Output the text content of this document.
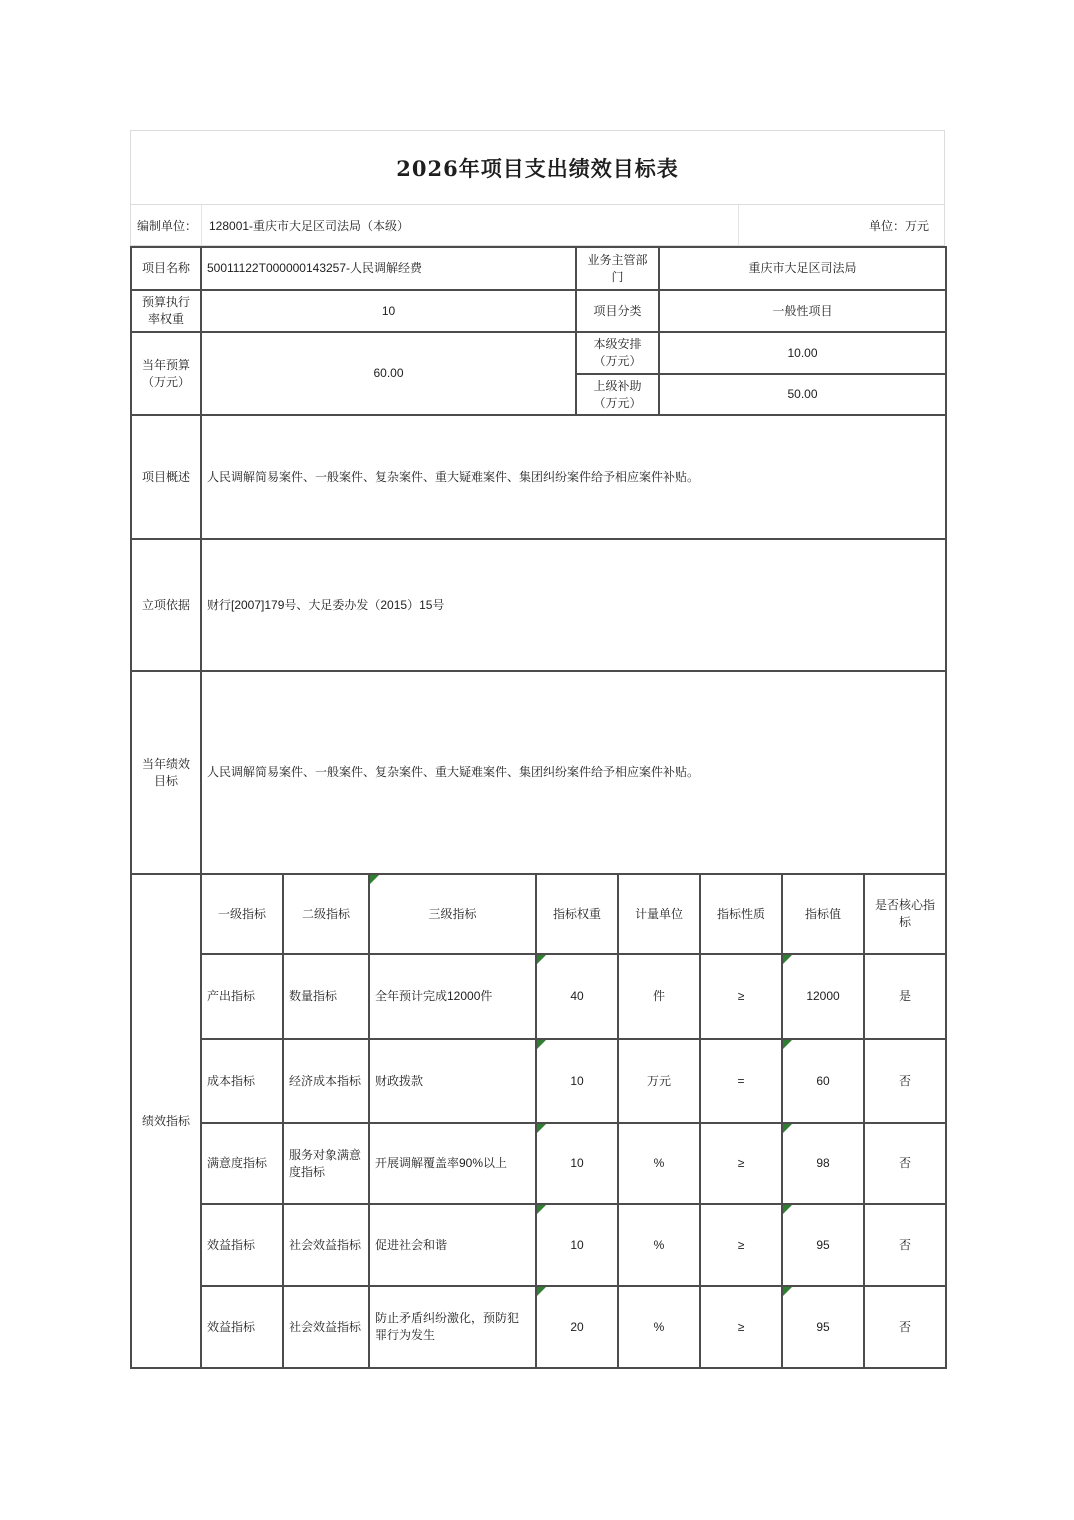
2026年项目支出绩效目标表
编制单位： 128001-重庆市大足区司法局（本级）	单位：万元
项目名称	50011122T000000143257-人民调解经费	业务主管部门	重庆市大足区司法局
预算执行率权重	10	项目分类	一般性项目
当年预算（万元）	60.00	本级安排（万元）	10.00
		上级补助（万元）	50.00
项目概述	人民调解简易案件、一般案件、复杂案件、重大疑难案件、集团纠纷案件给予相应案件补贴。		
立项依据	财行[2007]179号、大足委办发（2015）15号		
当年绩效目标	人民调解简易案件、一般案件、复杂案件、重大疑难案件、集团纠纷案件给予相应案件补贴。		
绩效指标	一级指标	二级指标	三级指标	指标权重	计量单位	指标性质	指标值	是否核心指标
	产出指标	数量指标	全年预计完成12000件	40	件	≥	12000	是
	成本指标	经济成本指标	财政拨款	10	万元	=	60	否
	满意度指标	服务对象满意度指标	开展调解覆盖率90%以上	10	%	≥	98	否
	效益指标	社会效益指标	促进社会和谐	10	%	≥	95	否
	效益指标	社会效益指标	防止矛盾纠纷激化，预防犯罪行为发生	20	%	≥	95	否
